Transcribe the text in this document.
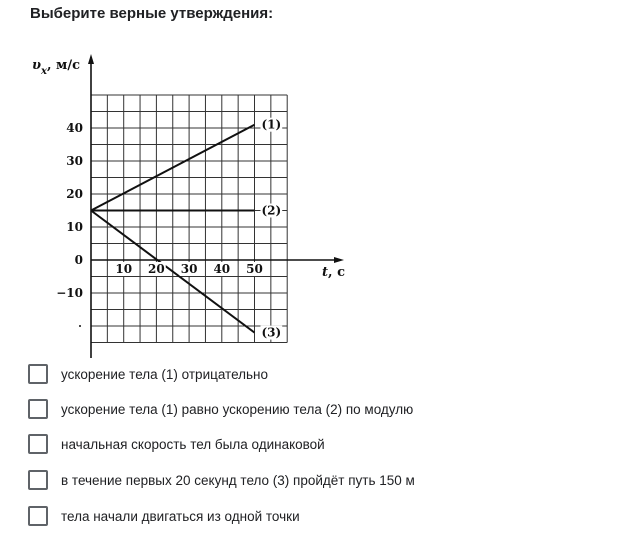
Выберите верные утверждения:
(1)
(2)
(3)
$\upsilon_x$, м/с
t, с
40
30
20
10
0
−10
10 20 30 40 50
ускорение тела (1) отрицательно
ускорение тела (1) равно ускорению тела (2) по модулю
начальная скорость тел была одинаковой
в течение первых 20 секунд тело (3) пройдёт путь 150 м
тела начали двигаться из одной точки
